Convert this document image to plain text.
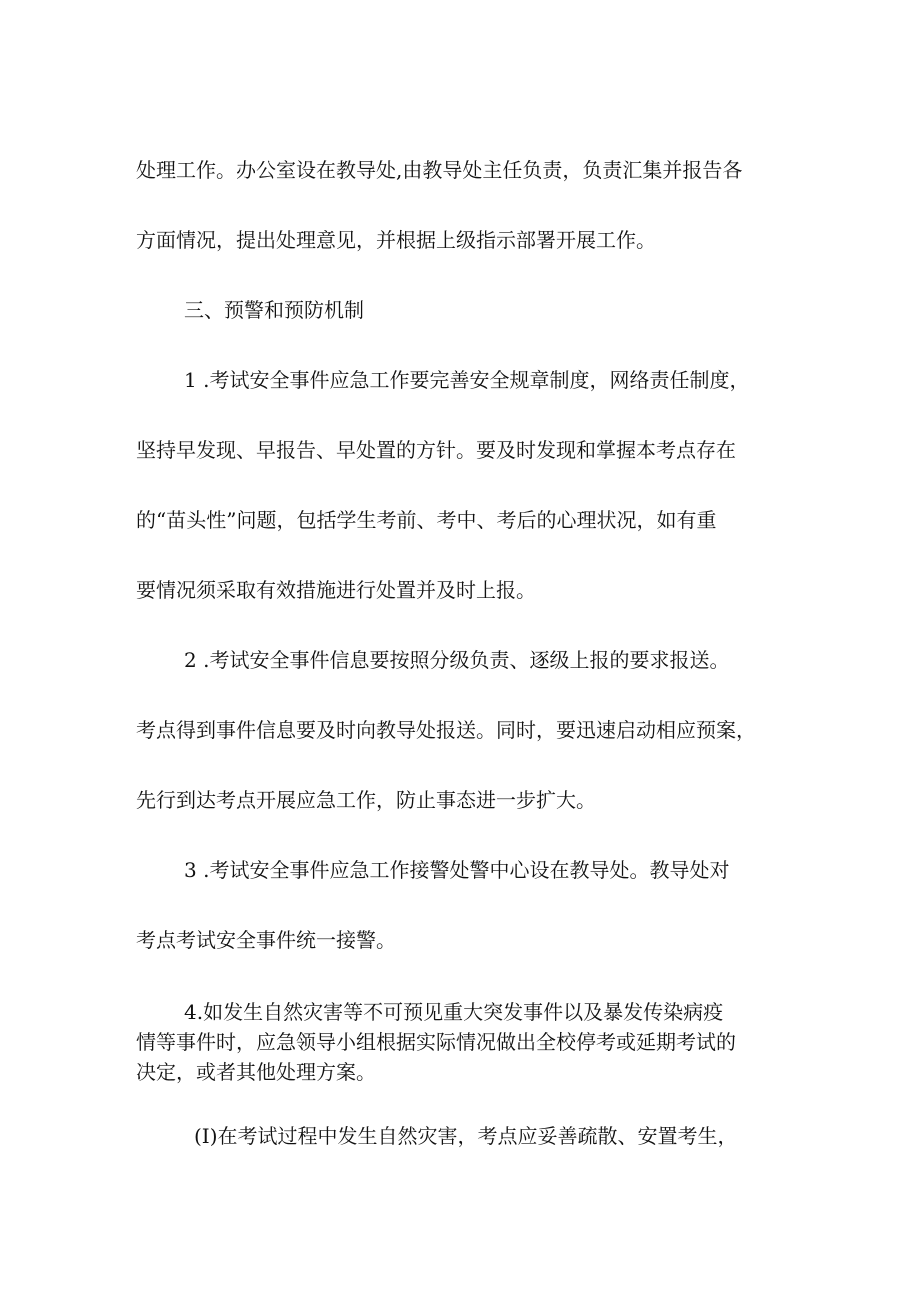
处理工作。办公室设在教导处,由教导处主任负责，负责汇集并报告各
方面情况，提出处理意见，并根据上级指示部署开展工作。
三、预警和预防机制
1 .考试安全事件应急工作要完善安全规章制度，网络责任制度，
坚持早发现、早报告、早处置的方针。要及时发现和掌握本考点存在
的“苗头性”问题，包括学生考前、考中、考后的心理状况，如有重
要情况须采取有效措施进行处置并及时上报。
2 .考试安全事件信息要按照分级负责、逐级上报的要求报送。
考点得到事件信息要及时向教导处报送。同时，要迅速启动相应预案，
先行到达考点开展应急工作，防止事态进一步扩大。
3 .考试安全事件应急工作接警处警中心设在教导处。教导处对
考点考试安全事件统一接警。
4.如发生自然灾害等不可预见重大突发事件以及暴发传染病疫
情等事件时，应急领导小组根据实际情况做出全校停考或延期考试的
决定，或者其他处理方案。
(I)在考试过程中发生自然灾害，考点应妥善疏散、安置考生，
